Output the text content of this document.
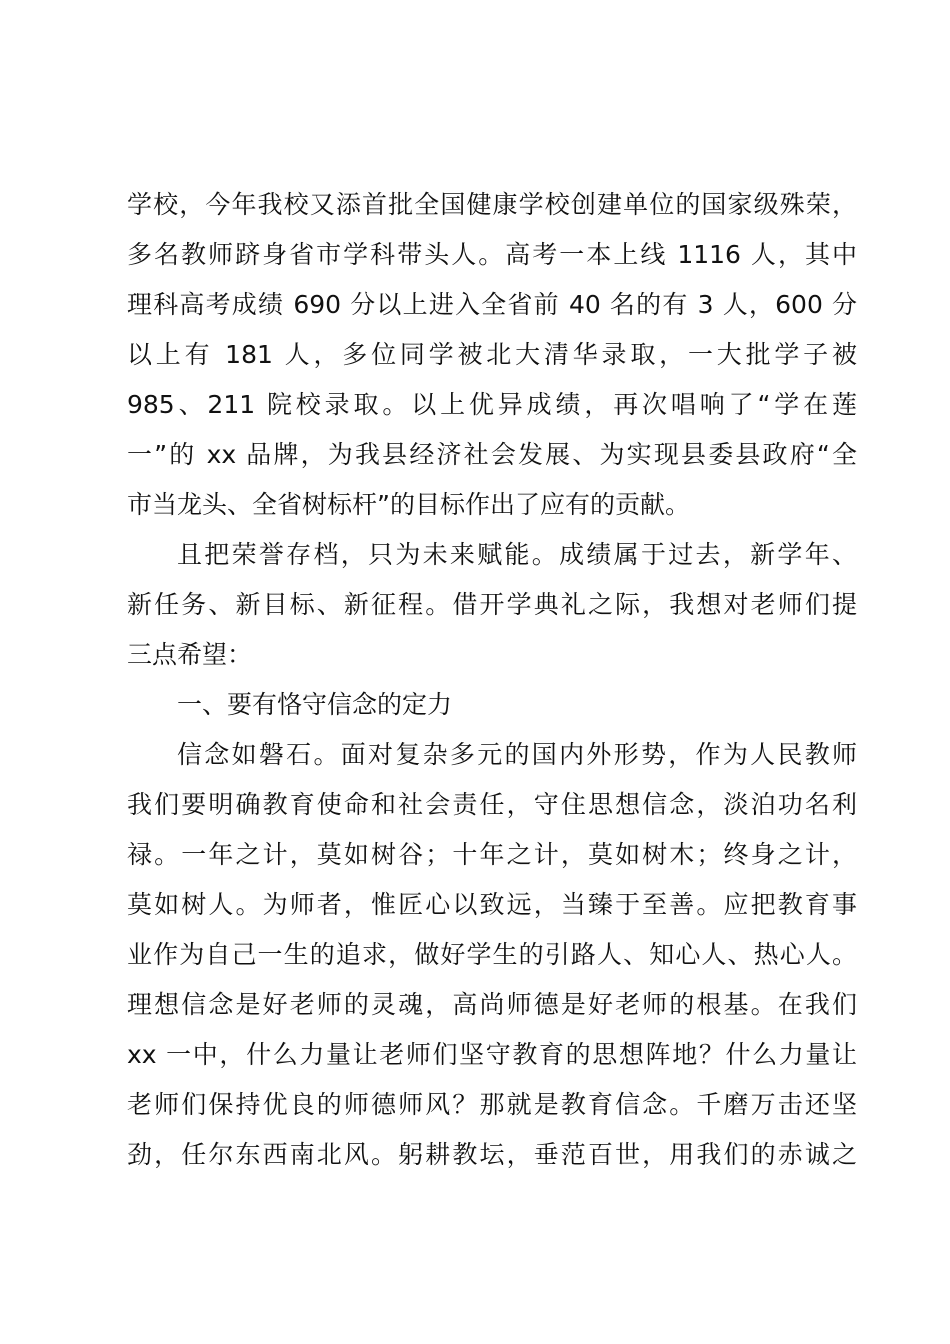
学校，今年我校又添首批全国健康学校创建单位的国家级殊荣，
多名教师跻身省市学科带头人。高考一本上线 1116 人，其中
理科高考成绩 690 分以上进入全省前 40 名的有 3 人，600 分
以上有 181 人，多位同学被北大清华录取，一大批学子被
985、211 院校录取。以上优异成绩，再次唱响了“学在莲
一”的 xx 品牌，为我县经济社会发展、为实现县委县政府“全
市当龙头、全省树标杆”的目标作出了应有的贡献。
且把荣誉存档，只为未来赋能。成绩属于过去，新学年、
新任务、新目标、新征程。借开学典礼之际，我想对老师们提
三点希望：
一、要有恪守信念的定力
信念如磐石。面对复杂多元的国内外形势，作为人民教师
我们要明确教育使命和社会责任，守住思想信念，淡泊功名利
禄。一年之计，莫如树谷；十年之计，莫如树木；终身之计，
莫如树人。为师者，惟匠心以致远，当臻于至善。应把教育事
业作为自己一生的追求，做好学生的引路人、知心人、热心人。
理想信念是好老师的灵魂，高尚师德是好老师的根基。在我们
xx 一中，什么力量让老师们坚守教育的思想阵地？什么力量让
老师们保持优良的师德师风？那就是教育信念。千磨万击还坚
劲，任尔东西南北风。躬耕教坛，垂范百世，用我们的赤诚之
